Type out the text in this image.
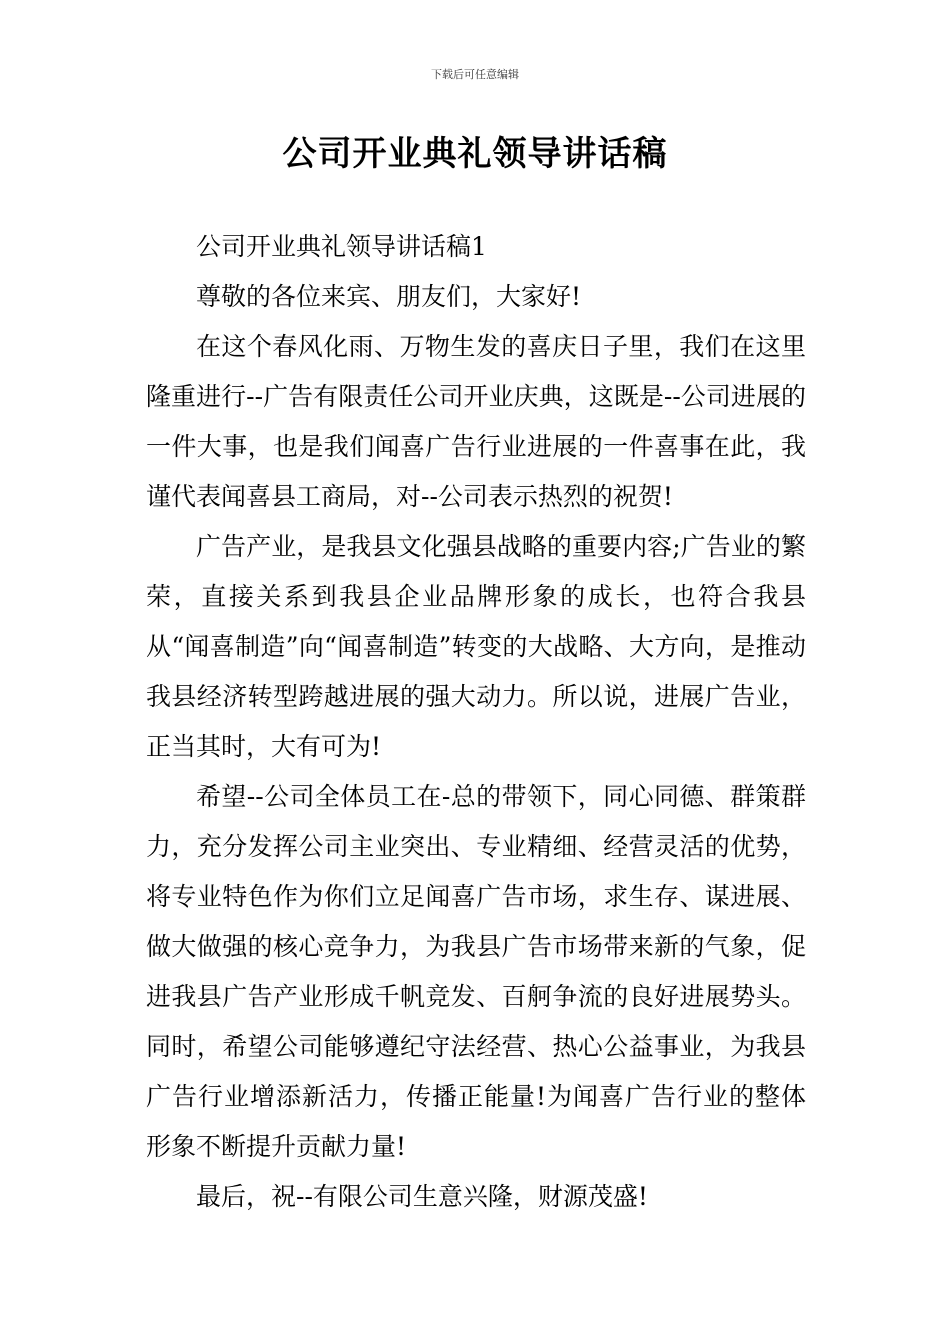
下载后可任意编辑
公司开业典礼领导讲话稿

公司开业典礼领导讲话稿1

尊敬的各位来宾、朋友们，大家好!

在这个春风化雨、万物生发的喜庆日子里，我们在这里隆重进行--广告有限责任公司开业庆典，这既是--公司进展的一件大事，也是我们闻喜广告行业进展的一件喜事在此，我谨代表闻喜县工商局，对--公司表示热烈的祝贺!

广告产业，是我县文化强县战略的重要内容;广告业的繁荣，直接关系到我县企业品牌形象的成长，也符合我县从“闻喜制造”向“闻喜制造”转变的大战略、大方向，是推动我县经济转型跨越进展的强大动力。所以说，进展广告业，正当其时，大有可为!

希望--公司全体员工在-总的带领下，同心同德、群策群力，充分发挥公司主业突出、专业精细、经营灵活的优势，将专业特色作为你们立足闻喜广告市场，求生存、谋进展、做大做强的核心竞争力，为我县广告市场带来新的气象，促进我县广告产业形成千帆竞发、百舸争流的良好进展势头。同时，希望公司能够遵纪守法经营、热心公益事业，为我县广告行业增添新活力，传播正能量!为闻喜广告行业的整体形象不断提升贡献力量!

最后，祝--有限公司生意兴隆，财源茂盛!
